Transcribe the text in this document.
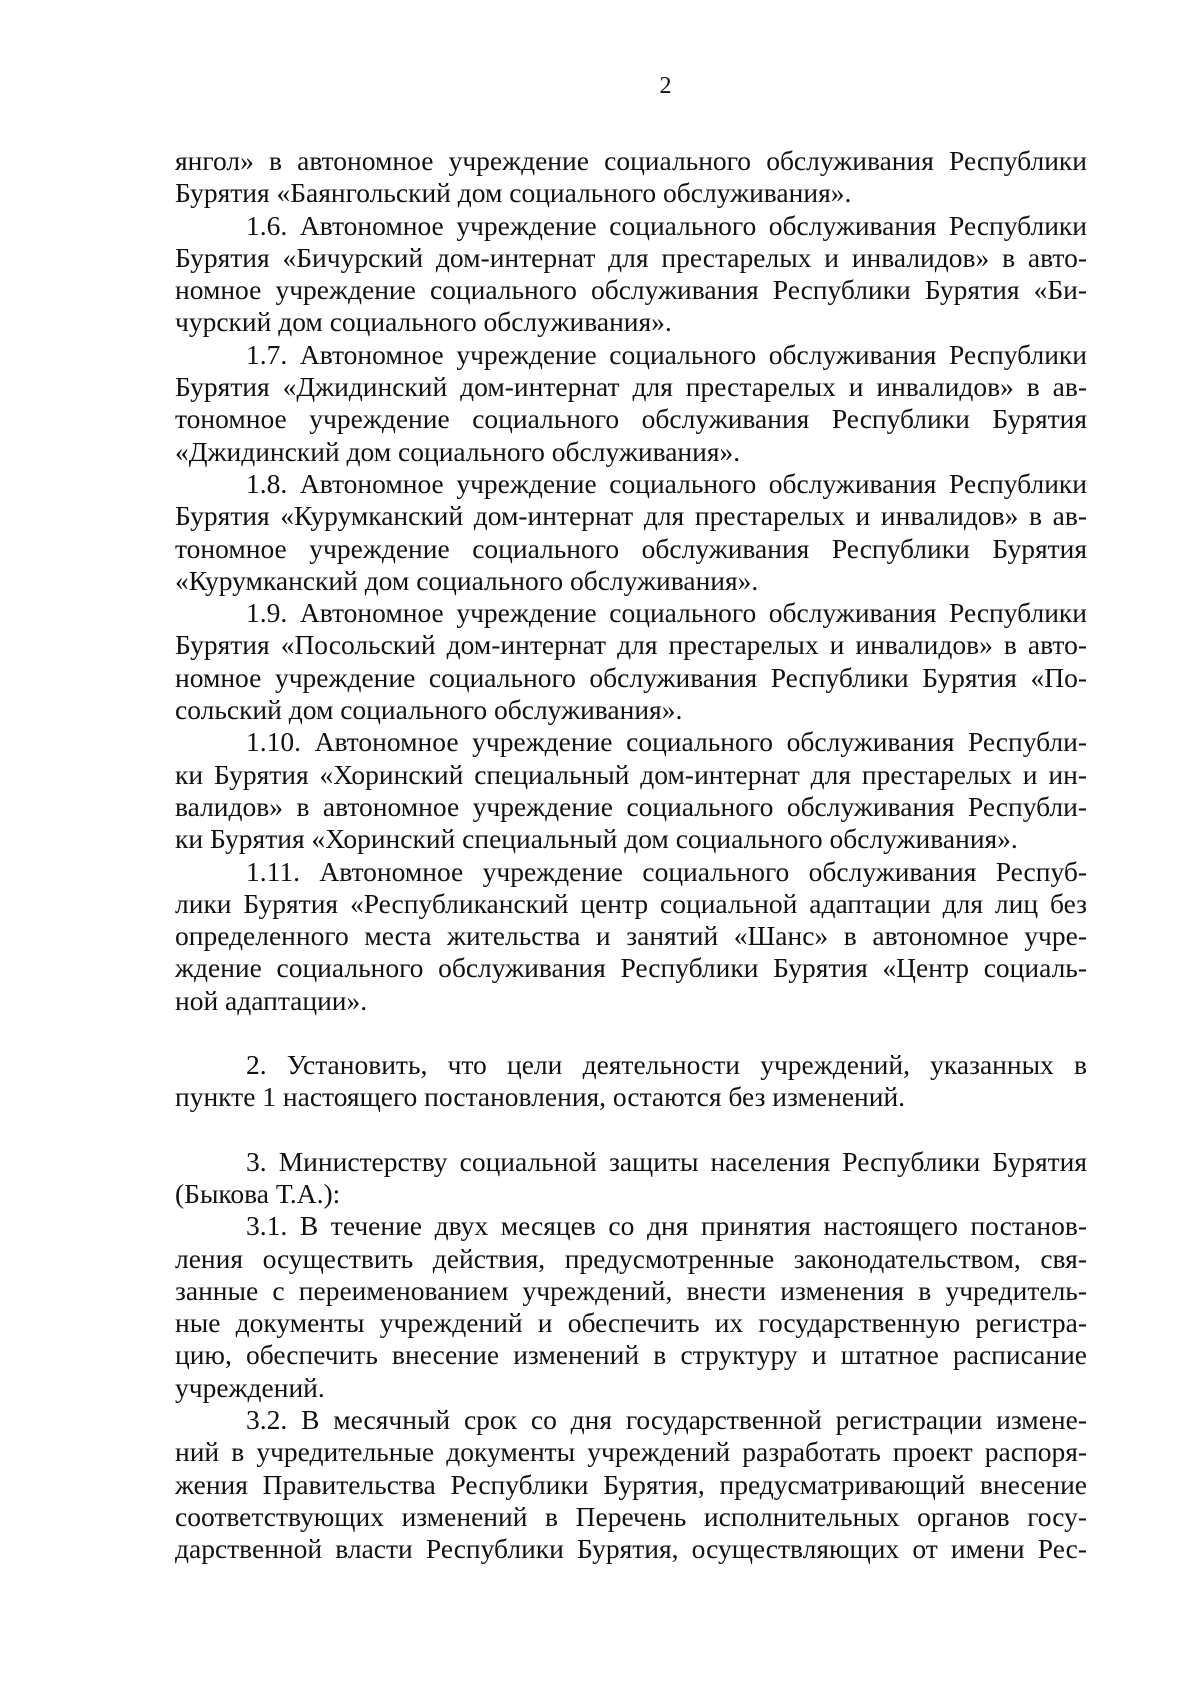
2
янгол» в автономное учреждение социального обслуживания Республики
Бурятия «Баянгольский дом социального обслуживания».
1.6. Автономное учреждение социального обслуживания Республики
Бурятия «Бичурский дом-интернат для престарелых и инвалидов» в авто-
номное учреждение социального обслуживания Республики Бурятия «Би-
чурский дом социального обслуживания».
1.7. Автономное учреждение социального обслуживания Республики
Бурятия «Джидинский дом-интернат для престарелых и инвалидов» в ав-
тономное учреждение социального обслуживания Республики Бурятия
«Джидинский дом социального обслуживания».
1.8. Автономное учреждение социального обслуживания Республики
Бурятия «Курумканский дом-интернат для престарелых и инвалидов» в ав-
тономное учреждение социального обслуживания Республики Бурятия
«Курумканский дом социального обслуживания».
1.9. Автономное учреждение социального обслуживания Республики
Бурятия «Посольский дом-интернат для престарелых и инвалидов» в авто-
номное учреждение социального обслуживания Республики Бурятия «По-
сольский дом социального обслуживания».
1.10. Автономное учреждение социального обслуживания Республи-
ки Бурятия «Хоринский специальный дом-интернат для престарелых и ин-
валидов» в автономное учреждение социального обслуживания Республи-
ки Бурятия «Хоринский специальный дом социального обслуживания».
1.11. Автономное учреждение социального обслуживания Респуб-
лики Бурятия «Республиканский центр социальной адаптации для лиц без
определенного места жительства и занятий «Шанс» в автономное учре-
ждение социального обслуживания Республики Бурятия «Центр социаль-
ной адаптации».
2. Установить, что цели деятельности учреждений, указанных в
пункте 1 настоящего постановления, остаются без изменений.
3. Министерству социальной защиты населения Республики Бурятия
(Быкова Т.А.):
3.1. В течение двух месяцев со дня принятия настоящего постанов-
ления осуществить действия, предусмотренные законодательством, свя-
занные с переименованием учреждений, внести изменения в учредитель-
ные документы учреждений и обеспечить их государственную регистра-
цию, обеспечить внесение изменений в структуру и штатное расписание
учреждений.
3.2. В месячный срок со дня государственной регистрации измене-
ний в учредительные документы учреждений разработать проект распоря-
жения Правительства Республики Бурятия, предусматривающий внесение
соответствующих изменений в Перечень исполнительных органов госу-
дарственной власти Республики Бурятия, осуществляющих от имени Рес-
